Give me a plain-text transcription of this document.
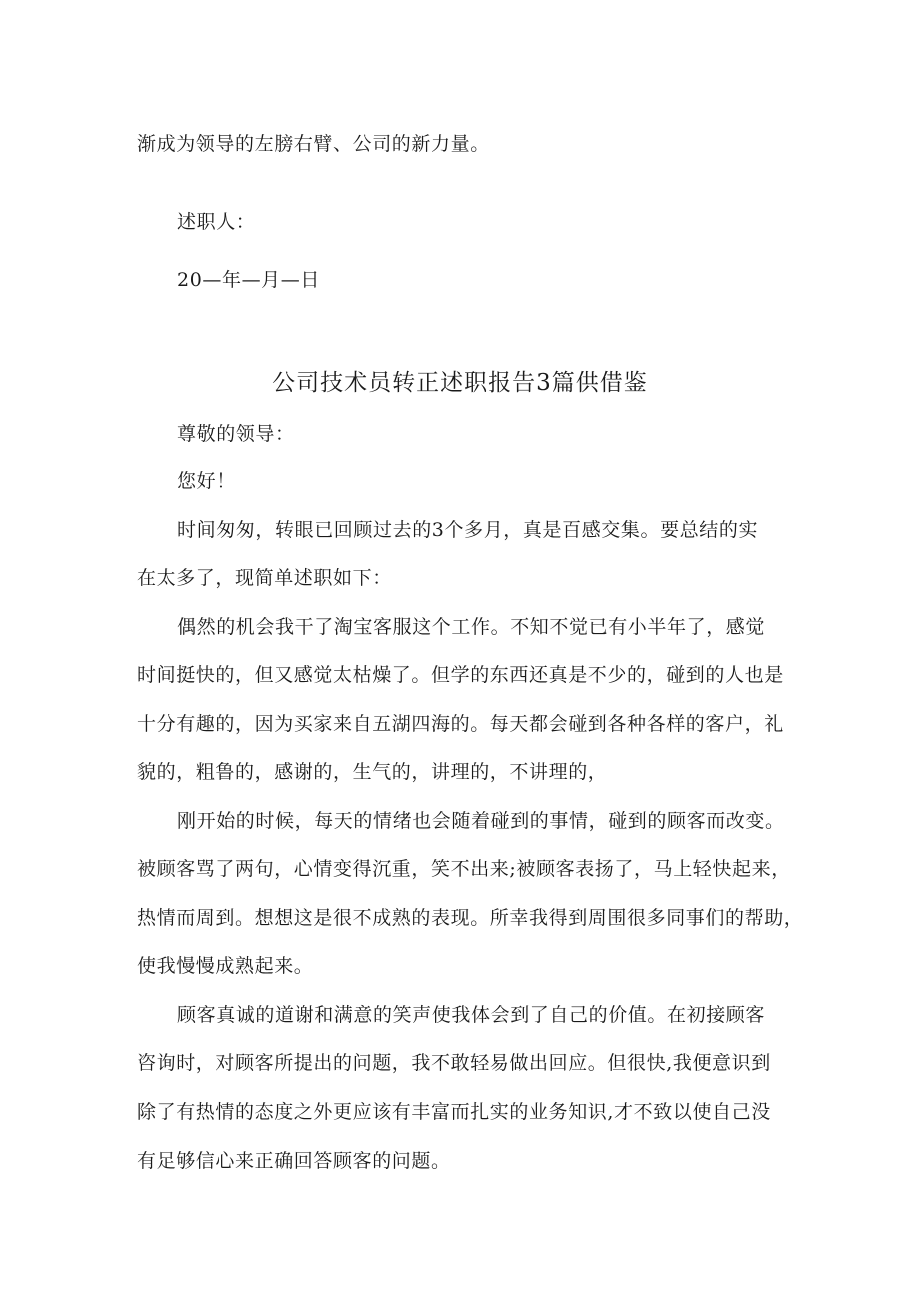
渐成为领导的左膀右臂、公司的新力量。
述职人：
20—年—月—日
公司技术员转正述职报告3篇供借鉴
尊敬的领导：
您好！
时间匆匆，转眼已回顾过去的3个多月，真是百感交集。要总结的实
在太多了，现简单述职如下：
偶然的机会我干了淘宝客服这个工作。不知不觉已有小半年了，感觉
时间挺快的，但又感觉太枯燥了。但学的东西还真是不少的，碰到的人也是
十分有趣的，因为买家来自五湖四海的。每天都会碰到各种各样的客户，礼
貌的，粗鲁的，感谢的，生气的，讲理的，不讲理的，
刚开始的时候，每天的情绪也会随着碰到的事情，碰到的顾客而改变。
被顾客骂了两句，心情变得沉重，笑不出来;被顾客表扬了，马上轻快起来，
热情而周到。想想这是很不成熟的表现。所幸我得到周围很多同事们的帮助，
使我慢慢成熟起来。
顾客真诚的道谢和满意的笑声使我体会到了自己的价值。在初接顾客
咨询时，对顾客所提出的问题，我不敢轻易做出回应。但很快,我便意识到
除了有热情的态度之外更应该有丰富而扎实的业务知识,才不致以使自己没
有足够信心来正确回答顾客的问题。
